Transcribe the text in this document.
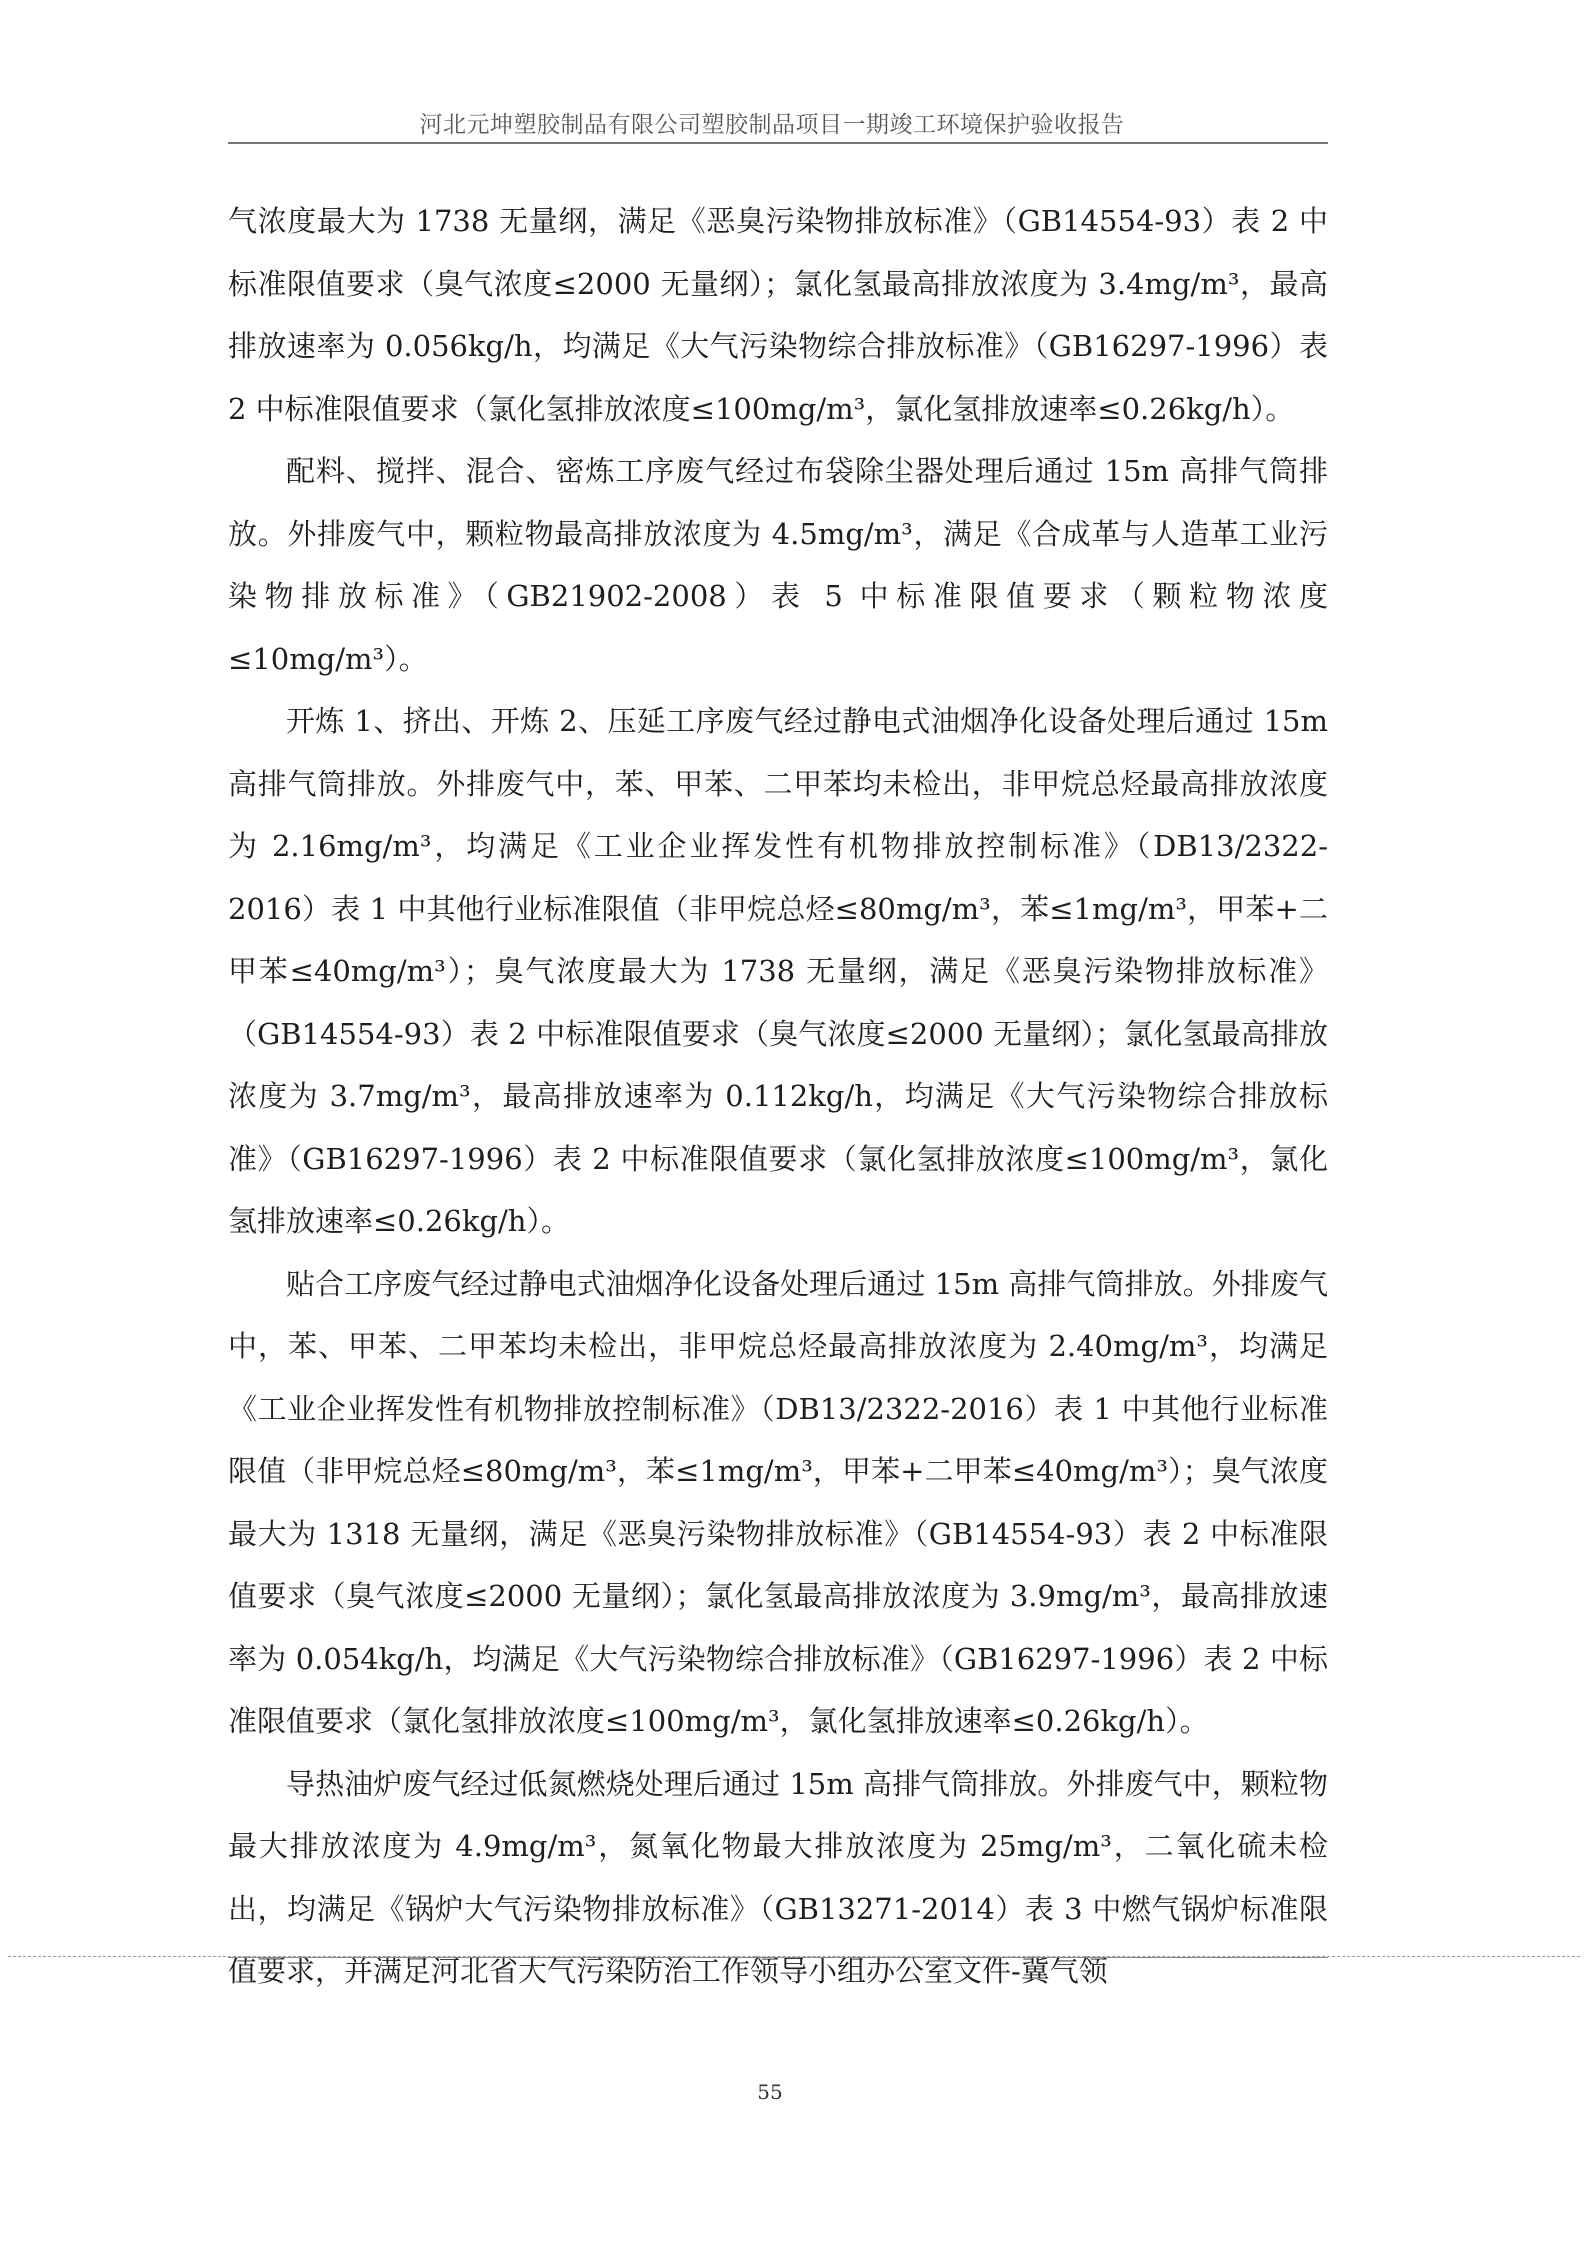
河北元坤塑胶制品有限公司塑胶制品项目一期竣工环境保护验收报告

气浓度最大为 1738 无量纲，满足《恶臭污染物排放标准》（GB14554-93）表 2 中标准限值要求（臭气浓度≤2000 无量纲）；氯化氢最高排放浓度为 3.4mg/m³，最高排放速率为 0.056kg/h，均满足《大气污染物综合排放标准》（GB16297-1996）表 2 中标准限值要求（氯化氢排放浓度≤100mg/m³，氯化氢排放速率≤0.26kg/h）。

配料、搅拌、混合、密炼工序废气经过布袋除尘器处理后通过 15m 高排气筒排放。外排废气中，颗粒物最高排放浓度为 4.5mg/m³，满足《合成革与人造革工业污染物排放标准》（GB21902-2008）表 5 中标准限值要求（颗粒物浓度≤10mg/m³）。

开炼 1、挤出、开炼 2、压延工序废气经过静电式油烟净化设备处理后通过 15m 高排气筒排放。外排废气中，苯、甲苯、二甲苯均未检出，非甲烷总烃最高排放浓度为 2.16mg/m³，均满足《工业企业挥发性有机物排放控制标准》（DB13/2322-2016）表 1 中其他行业标准限值（非甲烷总烃≤80mg/m³，苯≤1mg/m³，甲苯+二甲苯≤40mg/m³）；臭气浓度最大为 1738 无量纲，满足《恶臭污染物排放标准》（GB14554-93）表 2 中标准限值要求（臭气浓度≤2000 无量纲）；氯化氢最高排放浓度为 3.7mg/m³，最高排放速率为 0.112kg/h，均满足《大气污染物综合排放标准》（GB16297-1996）表 2 中标准限值要求（氯化氢排放浓度≤100mg/m³，氯化氢排放速率≤0.26kg/h）。

贴合工序废气经过静电式油烟净化设备处理后通过 15m 高排气筒排放。外排废气中，苯、甲苯、二甲苯均未检出，非甲烷总烃最高排放浓度为 2.40mg/m³，均满足《工业企业挥发性有机物排放控制标准》（DB13/2322-2016）表 1 中其他行业标准限值（非甲烷总烃≤80mg/m³，苯≤1mg/m³，甲苯+二甲苯≤40mg/m³）；臭气浓度最大为 1318 无量纲，满足《恶臭污染物排放标准》（GB14554-93）表 2 中标准限值要求（臭气浓度≤2000 无量纲）；氯化氢最高排放浓度为 3.9mg/m³，最高排放速率为 0.054kg/h，均满足《大气污染物综合排放标准》（GB16297-1996）表 2 中标准限值要求（氯化氢排放浓度≤100mg/m³，氯化氢排放速率≤0.26kg/h）。

导热油炉废气经过低氮燃烧处理后通过 15m 高排气筒排放。外排废气中，颗粒物最大排放浓度为 4.9mg/m³，氮氧化物最大排放浓度为 25mg/m³，二氧化硫未检出，均满足《锅炉大气污染物排放标准》（GB13271-2014）表 3 中燃气锅炉标准限值要求，并满足河北省大气污染防治工作领导小组办公室文件-冀气领

55
